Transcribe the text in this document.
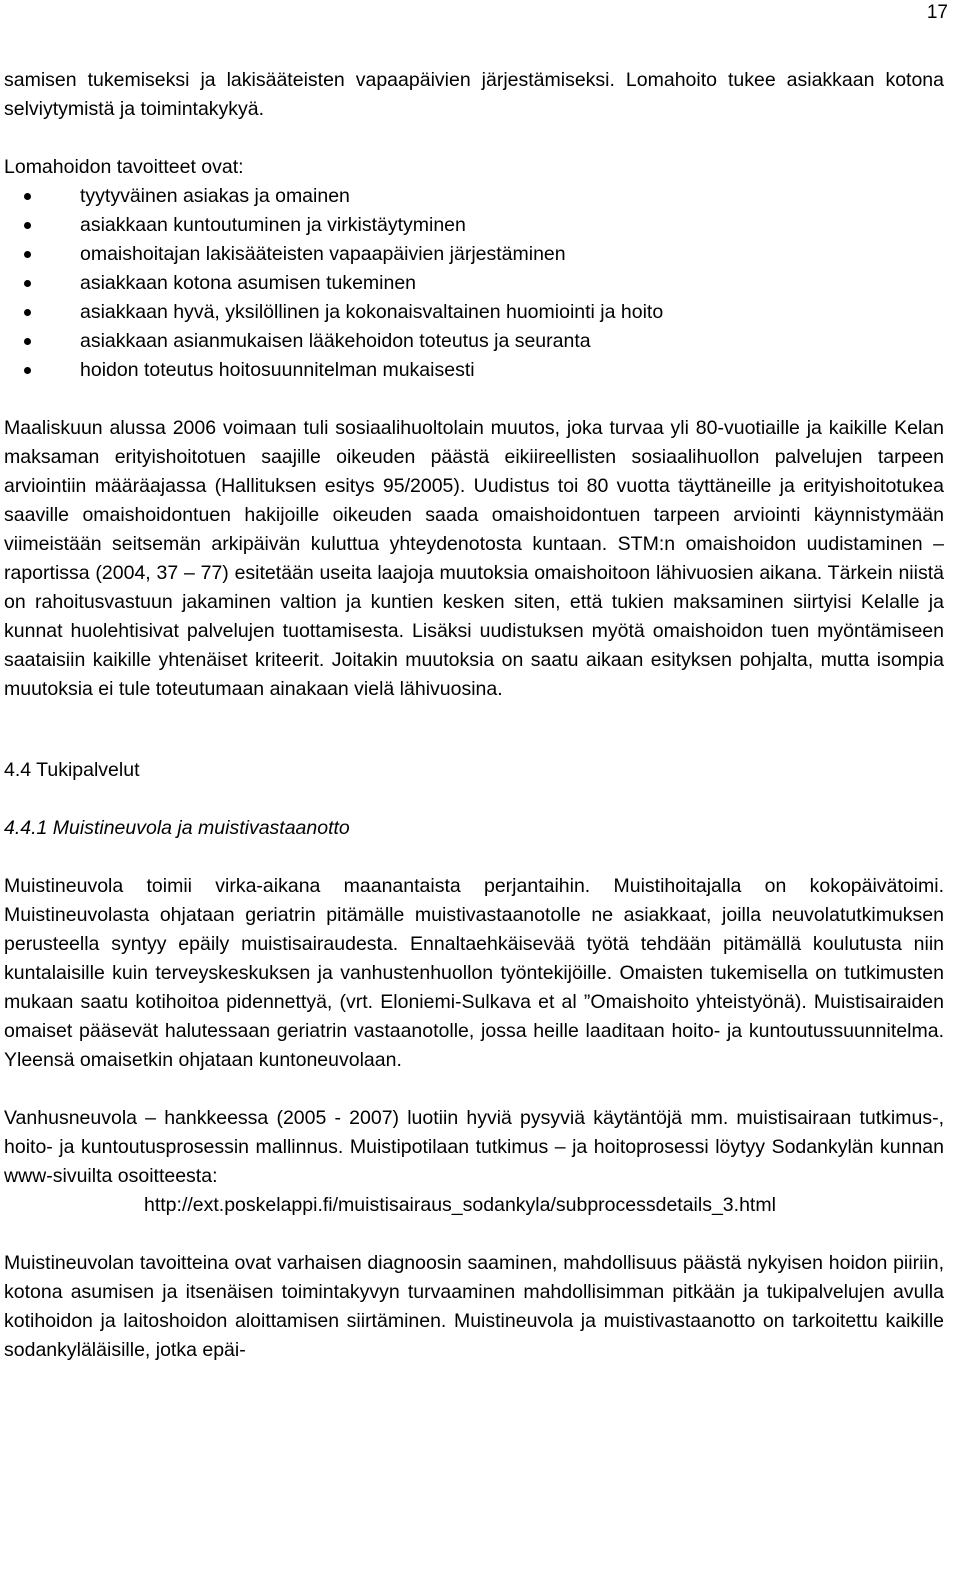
17

samisen tukemiseksi ja lakisääteisten vapaapäivien järjestämiseksi. Lomahoito tukee asiakkaan kotona selviytymistä ja toimintakykyä.

Lomahoidon tavoitteet ovat:

tyytyväinen asiakas ja omainen
asiakkaan kuntoutuminen ja virkistäytyminen
omaishoitajan lakisääteisten vapaapäivien järjestäminen
asiakkaan kotona asumisen tukeminen
asiakkaan hyvä, yksilöllinen ja kokonaisvaltainen huomiointi ja hoito
asiakkaan asianmukaisen lääkehoidon toteutus ja seuranta
hoidon toteutus hoitosuunnitelman mukaisesti

Maaliskuun alussa 2006 voimaan tuli sosiaalihuoltolain muutos, joka turvaa yli 80-vuotiaille ja kaikille Kelan maksaman erityishoitotuen saajille oikeuden päästä eikiireellisten sosiaalihuollon palvelujen tarpeen arviointiin määräajassa (Hallituksen esitys 95/2005). Uudistus toi 80 vuotta täyttäneille ja erityishoitotukea saaville omaishoidontuen hakijoille oikeuden saada omaishoidontuen tarpeen arviointi käynnistymään viimeistään seitsemän arkipäivän kuluttua yhteydenotosta kuntaan. STM:n omaishoidon uudistaminen – raportissa (2004, 37 – 77) esitetään useita laajoja muutoksia omaishoitoon lähivuosien aikana. Tärkein niistä on rahoitusvastuun jakaminen valtion ja kuntien kesken siten, että tukien maksaminen siirtyisi Kelalle ja kunnat huolehtisivat palvelujen tuottamisesta. Lisäksi uudistuksen myötä omaishoidon tuen myöntämiseen saataisiin kaikille yhtenäiset kriteerit. Joitakin muutoksia on saatu aikaan esityksen pohjalta, mutta isompia muutoksia ei tule toteutumaan ainakaan vielä lähivuosina.

4.4 Tukipalvelut
4.4.1 Muistineuvola ja muistivastaanotto

Muistineuvola toimii virka-aikana maanantaista perjantaihin. Muistihoitajalla on kokopäivätoimi. Muistineuvolasta ohjataan geriatrin pitämälle muistivastaanotolle ne asiakkaat, joilla neuvolatutkimuksen perusteella syntyy epäily muistisairaudesta. Ennaltaehkäisevää työtä tehdään pitämällä koulutusta niin kuntalaisille kuin terveyskeskuksen ja vanhustenhuollon työntekijöille. Omaisten tukemisella on tutkimusten mukaan saatu kotihoitoa pidennettyä, (vrt. Eloniemi-Sulkava et al ”Omaishoito yhteistyönä). Muistisairaiden omaiset pääsevät halutessaan geriatrin vastaanotolle, jossa heille laaditaan hoito- ja kuntoutussuunnitelma. Yleensä omaisetkin ohjataan kuntoneuvolaan.

Vanhusneuvola – hankkeessa (2005 - 2007) luotiin hyviä pysyviä käytäntöjä mm. muistisairaan tutkimus-, hoito- ja kuntoutusprosessin mallinnus. Muistipotilaan tutkimus – ja hoitoprosessi löytyy Sodankylän kunnan www-sivuilta osoitteesta:

http://ext.poskelappi.fi/muistisairaus_sodankyla/subprocessdetails_3.html

Muistineuvolan tavoitteina ovat varhaisen diagnoosin saaminen, mahdollisuus päästä nykyisen hoidon piiriin, kotona asumisen ja itsenäisen toimintakyvyn turvaaminen mahdollisimman pitkään ja tukipalvelujen avulla kotihoidon ja laitoshoidon aloittamisen siirtäminen. Muistineuvola ja muistivastaanotto on tarkoitettu kaikille sodankyläläisille, jotka epäi-
